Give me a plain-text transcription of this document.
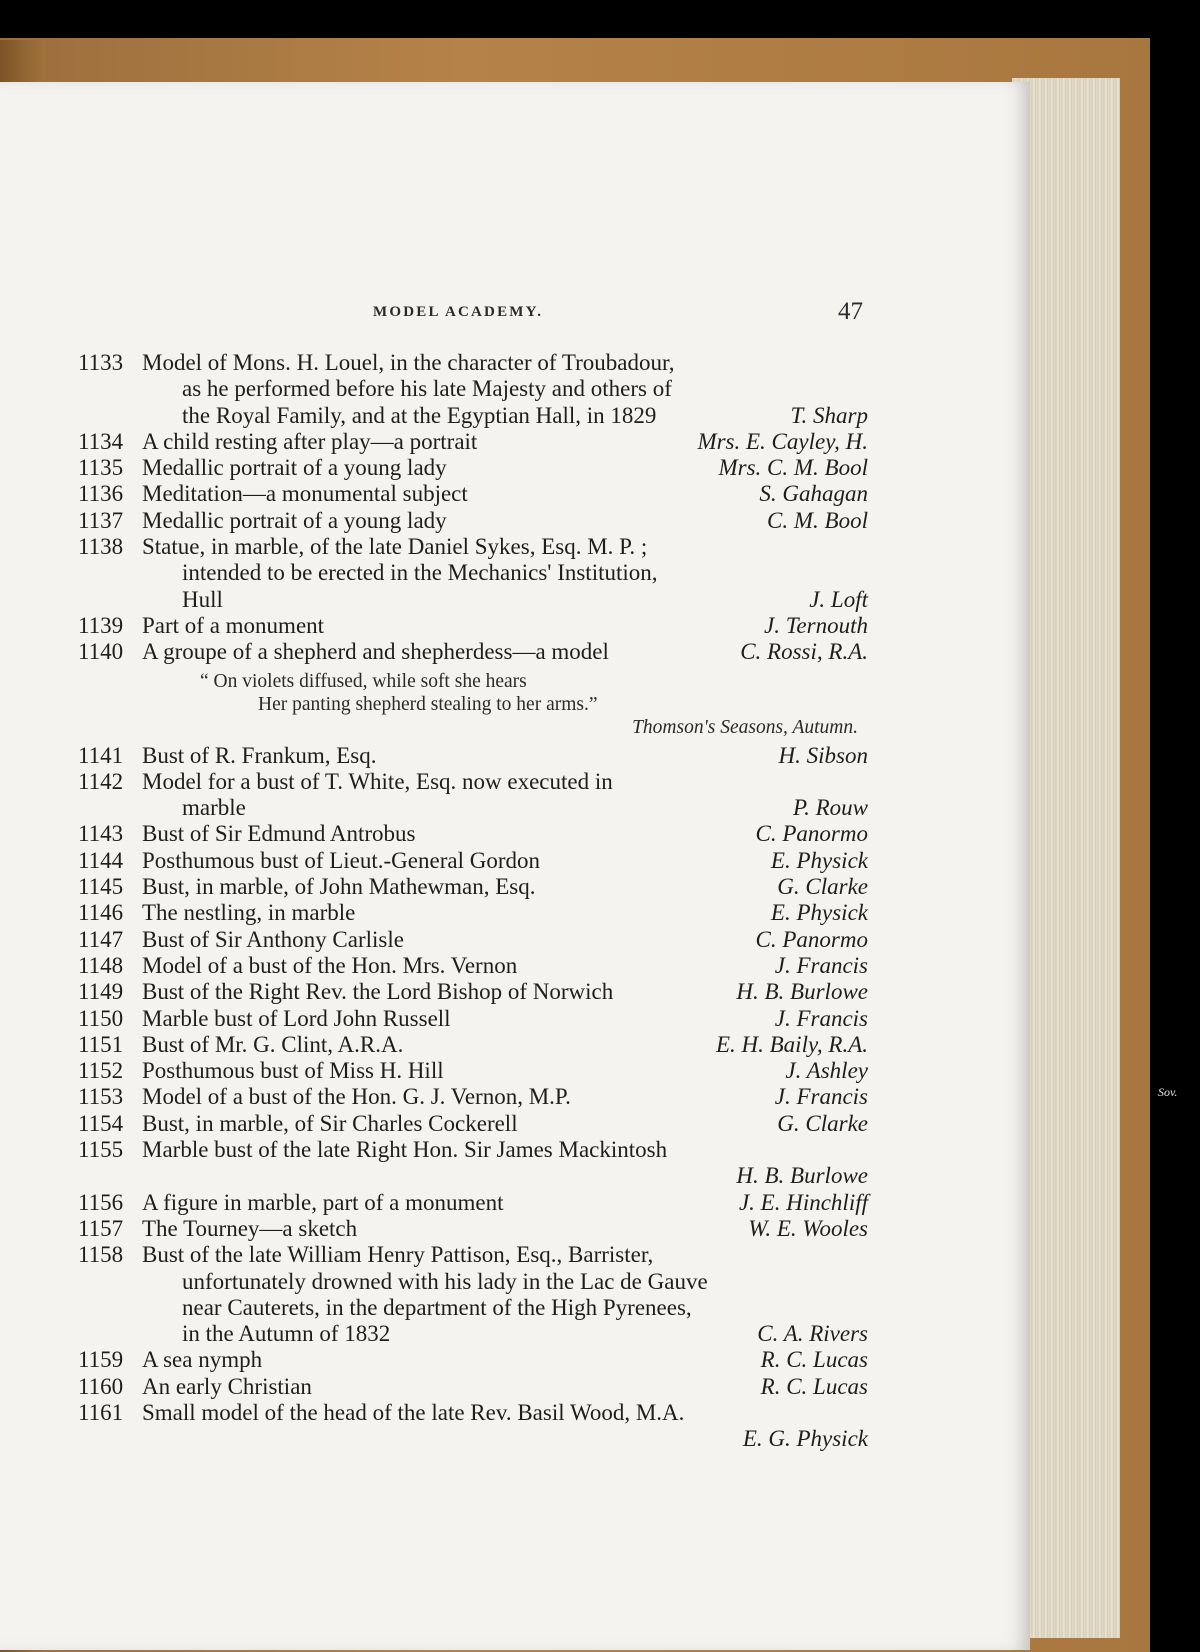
MODEL ACADEMY.	47
1133 Model of Mons. H. Louel, in the character of Troubadour,
as he performed before his late Majesty and others of
the Royal Family, and at the Egyptian Hall, in 1829	T. Sharp
1134 A child resting after play—a portrait	Mrs. E. Cayley, H.
1135 Medallic portrait of a young lady	Mrs. C. M. Bool
1136 Meditation—a monumental subject	S. Gahagan
1137 Medallic portrait of a young lady	C. M. Bool
1138 Statue, in marble, of the late Daniel Sykes, Esq. M. P. ;
intended to be erected in the Mechanics' Institution,
Hull	J. Loft
1139 Part of a monument	J. Ternouth
1140 A groupe of a shepherd and shepherdess—a model	C. Rossi, R.A.
“ On violets diffused, while soft she hears
Her panting shepherd stealing to her arms.”
Thomson's Seasons, Autumn.
1141 Bust of R. Frankum, Esq.	H. Sibson
1142 Model for a bust of T. White, Esq. now executed in
marble	P. Rouw
1143 Bust of Sir Edmund Antrobus	C. Panormo
1144 Posthumous bust of Lieut.-General Gordon	E. Physick
1145 Bust, in marble, of John Mathewman, Esq.	G. Clarke
1146 The nestling, in marble	E. Physick
1147 Bust of Sir Anthony Carlisle	C. Panormo
1148 Model of a bust of the Hon. Mrs. Vernon	J. Francis
1149 Bust of the Right Rev. the Lord Bishop of Norwich	H. B. Burlowe
1150 Marble bust of Lord John Russell	J. Francis
1151 Bust of Mr. G. Clint, A.R.A.	E. H. Baily, R.A.
1152 Posthumous bust of Miss H. Hill	J. Ashley
1153 Model of a bust of the Hon. G. J. Vernon, M.P.	J. Francis
1154 Bust, in marble, of Sir Charles Cockerell	G. Clarke
1155 Marble bust of the late Right Hon. Sir James Mackintosh
H. B. Burlowe
1156 A figure in marble, part of a monument	J. E. Hinchliff
1157 The Tourney—a sketch	W. E. Wooles
1158 Bust of the late William Henry Pattison, Esq., Barrister,
unfortunately drowned with his lady in the Lac de Gauve
near Cauterets, in the department of the High Pyrenees,
in the Autumn of 1832	C. A. Rivers
1159 A sea nymph	R. C. Lucas
1160 An early Christian	R. C. Lucas
1161 Small model of the head of the late Rev. Basil Wood, M.A.
E. G. Physick
Sov.
